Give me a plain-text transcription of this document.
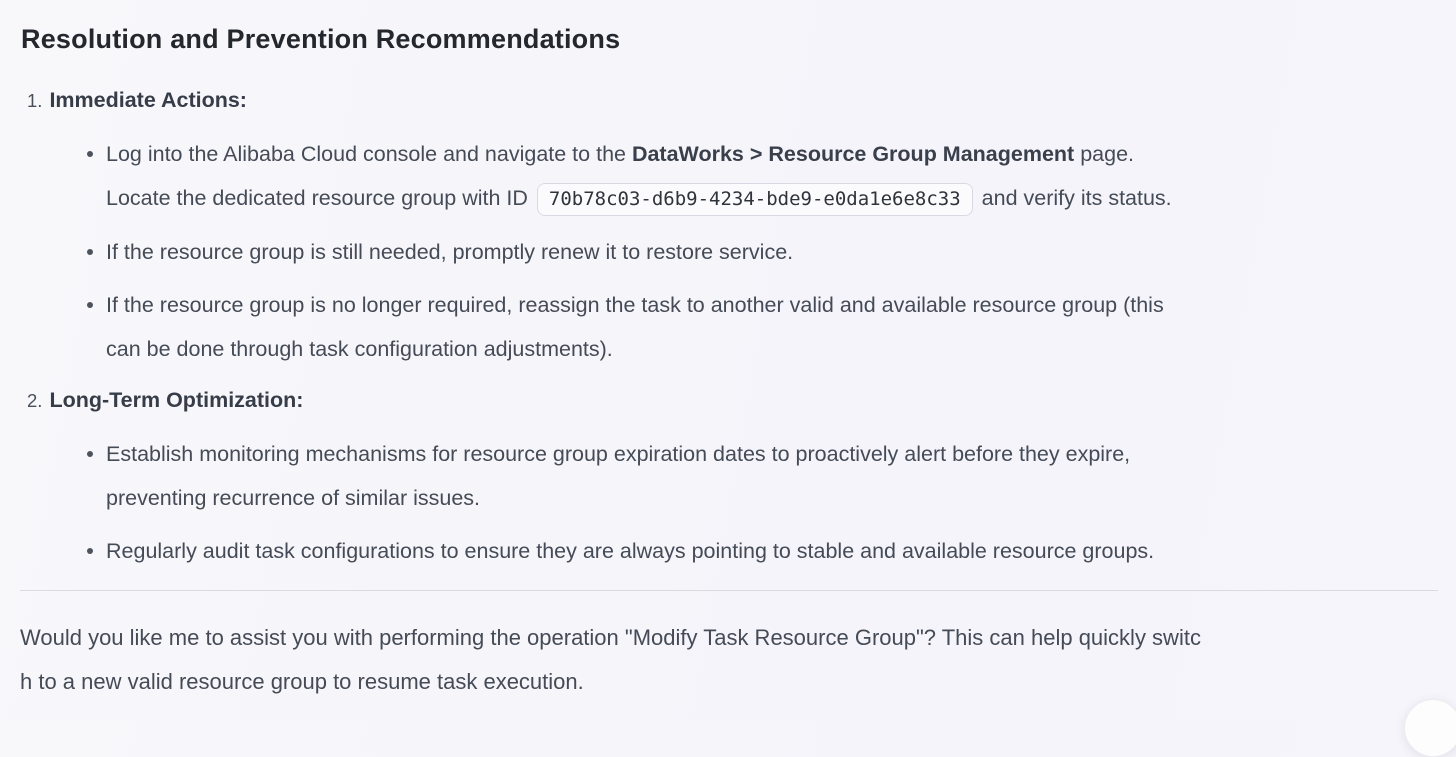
Resolution and Prevention Recommendations
1. Immediate Actions:
Log into the Alibaba Cloud console and navigate to the DataWorks > Resource Group Management page.
Locate the dedicated resource group with ID 70b78c03-d6b9-4234-bde9-e0da1e6e8c33 and verify its status.
If the resource group is still needed, promptly renew it to restore service.
If the resource group is no longer required, reassign the task to another valid and available resource group (this
can be done through task configuration adjustments).
2. Long-Term Optimization:
Establish monitoring mechanisms for resource group expiration dates to proactively alert before they expire,
preventing recurrence of similar issues.
Regularly audit task configurations to ensure they are always pointing to stable and available resource groups.
Would you like me to assist you with performing the operation "Modify Task Resource Group"? This can help quickly switc
h to a new valid resource group to resume task execution.
